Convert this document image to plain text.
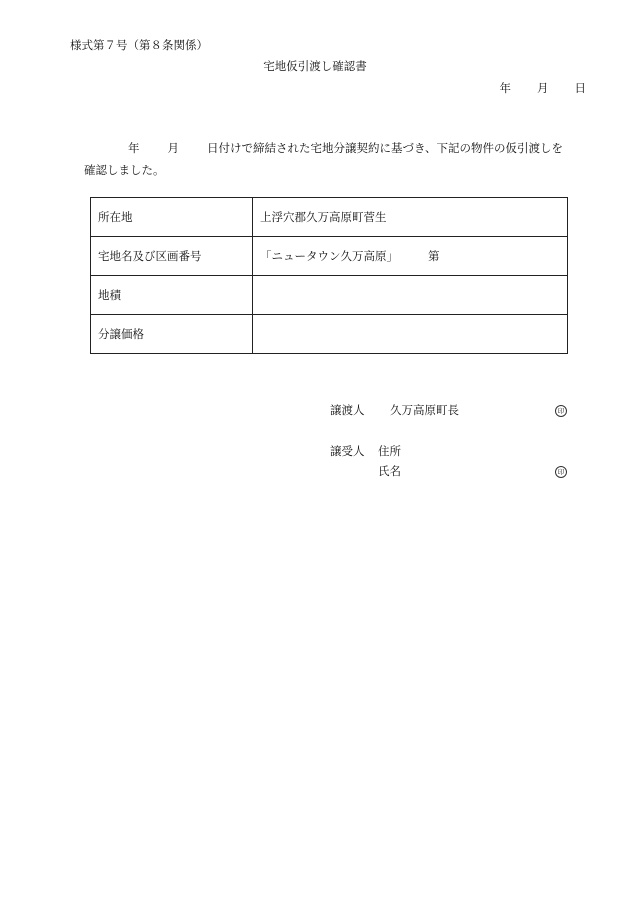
様式第７号（第８条関係）
宅地仮引渡し確認書
年 月 日
年 月 日付けで締結された宅地分譲契約に基づき、下記の物件の仮引渡しを確認しました。
所在地	上浮穴郡久万高原町菅生
宅地名及び区画番号	「ニュータウン久万高原」 第
地積	
分譲価格	
譲渡人 久万高原町長	印
譲受人 住所
氏名	印
